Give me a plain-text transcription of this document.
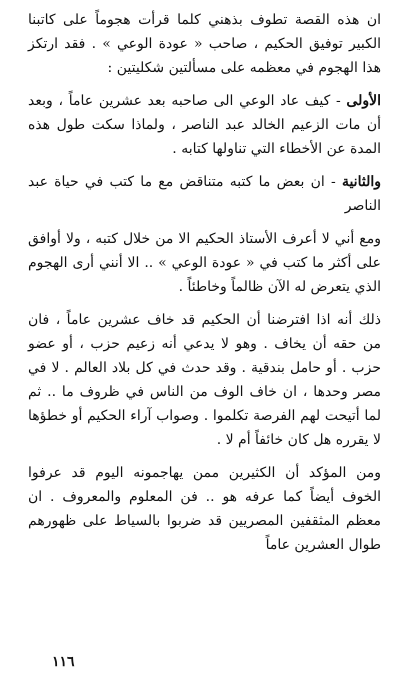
ان هذه القصة تطوف بذهني كلما قرأت هجوماً على كاتبنا الكبير توفيق الحكيم ، صاحب « عودة الوعي » . فقد ارتكز هذا الهجوم في معظمه على مسألتين شكليتين :

الأولى - كيف عاد الوعي الى صاحبه بعد عشرين عاماً ، وبعد أن مات الزعيم الخالد عبد الناصر ، ولماذا سكت طول هذه المدة عن الأخطاء التي تناولها كتابه .

والثانية - ان بعض ما كتبه متناقض مع ما كتب في حياة عبد الناصر

ومع أني لا أعرف الأستاذ الحكيم الا من خلال كتبه ، ولا أوافق على أكثر ما كتب في « عودة الوعي » .. الا أنني أرى الهجوم الذي يتعرض له الآن ظالماً وخاطئاً .

ذلك أنه اذا افترضنا أن الحكيم قد خاف عشرين عاماً ، فان من حقه أن يخاف . وهو لا يدعي أنه زعيم حزب ، أو عضو حزب . أو حامل بندقية . وقد حدث في كل بلاد العالم . لا في مصر وحدها ، ان خاف الوف من الناس في ظروف ما .. ثم لما أتيحت لهم الفرصة تكلموا . وصواب آراء الحكيم أو خطؤها لا يقرره هل كان خائفاً أم لا .

ومن المؤكد أن الكثيرين ممن يهاجمونه اليوم قد عرفوا الخوف أيضاً كما عرفه هو .. فن المعلوم والمعروف . ان معظم المثقفين المصريين قد ضربوا بالسياط على ظهورهم طوال العشرين عاماً

١١٦
